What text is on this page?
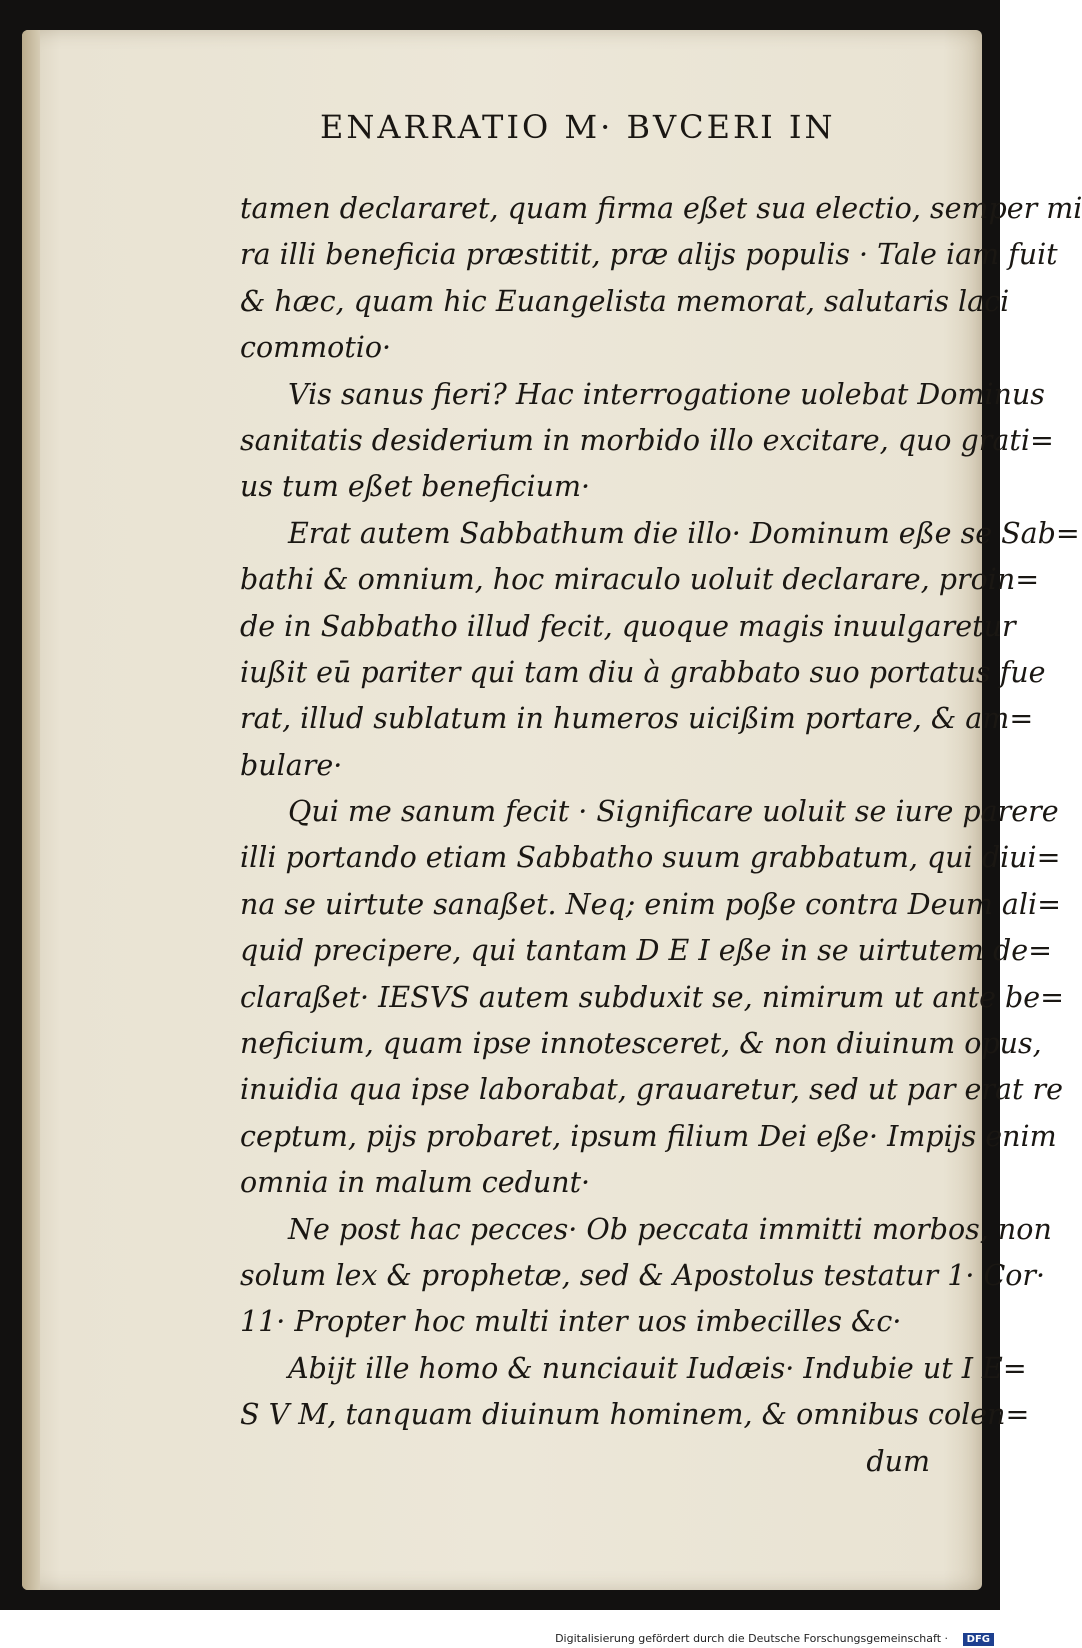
ENARRATIO M· BVCERI IN
tamen declararet, quam firma eßet sua electio, semper mi
ra illi beneficia præstitit, præ alijs populis · Tale iam fuit
& hæc, quam hic Euangelista memorat, salutaris laci
commotio·
Vis sanus fieri? Hac interrogatione uolebat Dominus
sanitatis desiderium in morbido illo excitare, quo grati=
us tum eßet beneficium·
Erat autem Sabbathum die illo· Dominum eße se Sab=
bathi & omnium, hoc miraculo uoluit declarare, proin=
de in Sabbatho illud fecit, quoque magis inuulgaretur
iußit eū pariter qui tam diu à grabbato suo portatus fue
rat, illud sublatum in humeros uicißim portare, & am=
bulare·
Qui me sanum fecit · Significare uoluit se iure parere
illi portando etiam Sabbatho suum grabbatum, qui diui=
na se uirtute sanaßet. Neq; enim poße contra Deum ali=
quid precipere, qui tantam D E I eße in se uirtutem de=
claraßet· IESVS autem subduxit se, nimirum ut ante be=
neficium, quam ipse innotesceret, & non diuinum opus,
inuidia qua ipse laborabat, grauaretur, sed ut par erat re
ceptum, pijs probaret, ipsum filium Dei eße· Impijs enim
omnia in malum cedunt·
Ne post hac pecces· Ob peccata immitti morbos, non
solum lex & prophetæ, sed & Apostolus testatur 1· Cor·
11· Propter hoc multi inter uos imbecilles &c·
Abijt ille homo & nunciauit Iudæis· Indubie ut I E=
S V M, tanquam diuinum hominem, & omnibus colen=
dum
Digitalisierung gefördert durch die Deutsche Forschungsgemeinschaft ·	DFG
